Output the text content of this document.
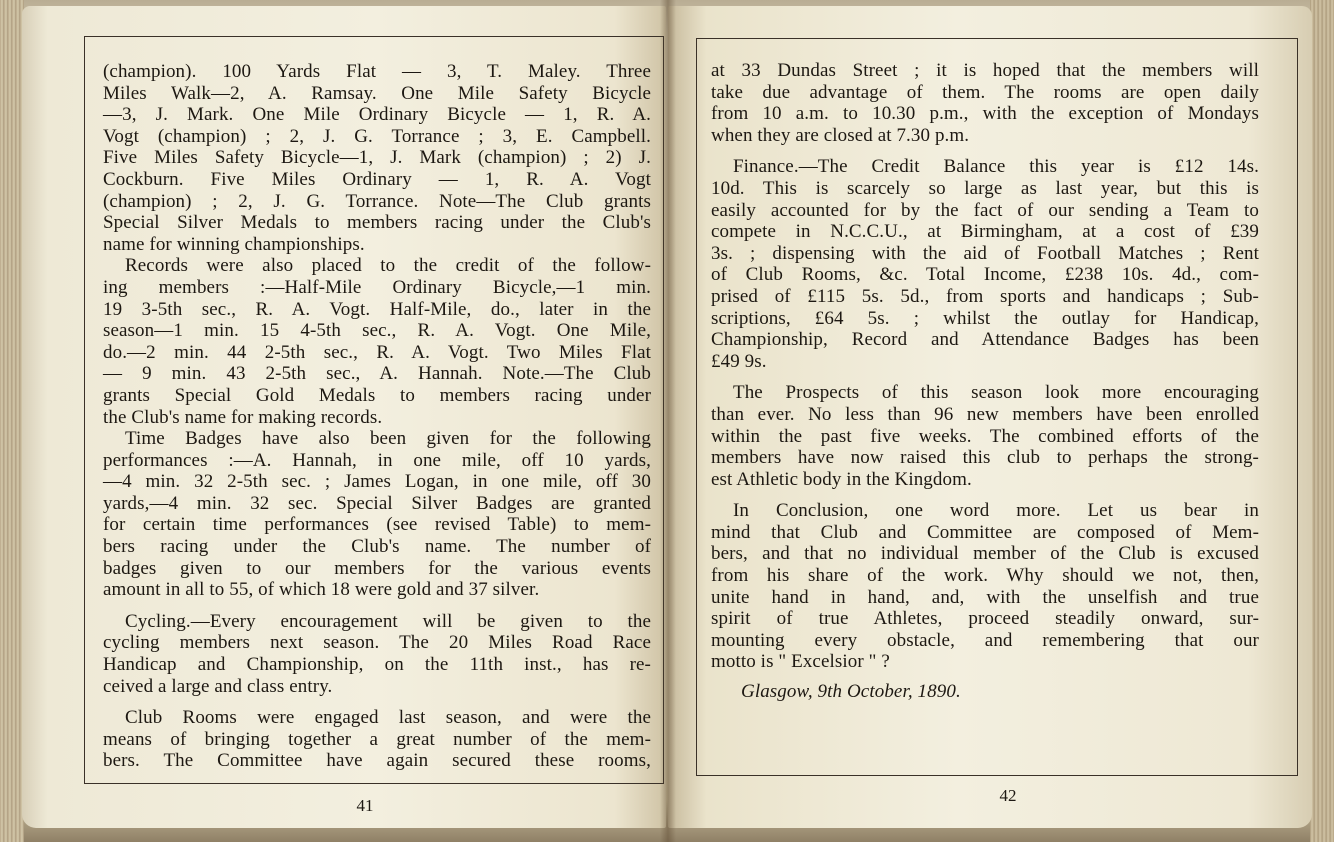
(champion). 100 Yards Flat — 3, T. Maley. Three
Miles Walk—2, A. Ramsay. One Mile Safety Bicycle
—3, J. Mark. One Mile Ordinary Bicycle — 1, R. A.
Vogt (champion) ; 2, J. G. Torrance ; 3, E. Campbell.
Five Miles Safety Bicycle—1, J. Mark (champion) ; 2) J.
Cockburn. Five Miles Ordinary — 1, R. A. Vogt
(champion) ; 2, J. G. Torrance. Note—The Club grants
Special Silver Medals to members racing under the Club's
name for winning championships.
Records were also placed to the credit of the follow-
ing members :—Half-Mile Ordinary Bicycle,—1 min.
19 3-5th sec., R. A. Vogt. Half-Mile, do., later in the
season—1 min. 15 4-5th sec., R. A. Vogt. One Mile,
do.—2 min. 44 2-5th sec., R. A. Vogt. Two Miles Flat
— 9 min. 43 2-5th sec., A. Hannah. Note.—The Club
grants Special Gold Medals to members racing under
the Club's name for making records.
Time Badges have also been given for the following
performances :—A. Hannah, in one mile, off 10 yards,
—4 min. 32 2-5th sec. ; James Logan, in one mile, off 30
yards,—4 min. 32 sec. Special Silver Badges are granted
for certain time performances (see revised Table) to mem-
bers racing under the Club's name. The number of
badges given to our members for the various events
amount in all to 55, of which 18 were gold and 37 silver.
Cycling.—Every encouragement will be given to the
cycling members next season. The 20 Miles Road Race
Handicap and Championship, on the 11th inst., has re-
ceived a large and class entry.
Club Rooms were engaged last season, and were the
means of bringing together a great number of the mem-
bers. The Committee have again secured these rooms,
41
at 33 Dundas Street ; it is hoped that the members will
take due advantage of them. The rooms are open daily
from 10 a.m. to 10.30 p.m., with the exception of Mondays
when they are closed at 7.30 p.m.
Finance.—The Credit Balance this year is £12 14s.
10d. This is scarcely so large as last year, but this is
easily accounted for by the fact of our sending a Team to
compete in N.C.C.U., at Birmingham, at a cost of £39
3s. ; dispensing with the aid of Football Matches ; Rent
of Club Rooms, &c. Total Income, £238 10s. 4d., com-
prised of £115 5s. 5d., from sports and handicaps ; Sub-
scriptions, £64 5s. ; whilst the outlay for Handicap,
Championship, Record and Attendance Badges has been
£49 9s.
The Prospects of this season look more encouraging
than ever. No less than 96 new members have been enrolled
within the past five weeks. The combined efforts of the
members have now raised this club to perhaps the strong-
est Athletic body in the Kingdom.
In Conclusion, one word more. Let us bear in
mind that Club and Committee are composed of Mem-
bers, and that no individual member of the Club is excused
from his share of the work. Why should we not, then,
unite hand in hand, and, with the unselfish and true
spirit of true Athletes, proceed steadily onward, sur-
mounting every obstacle, and remembering that our
motto is " Excelsior " ?
Glasgow, 9th October, 1890.
42
